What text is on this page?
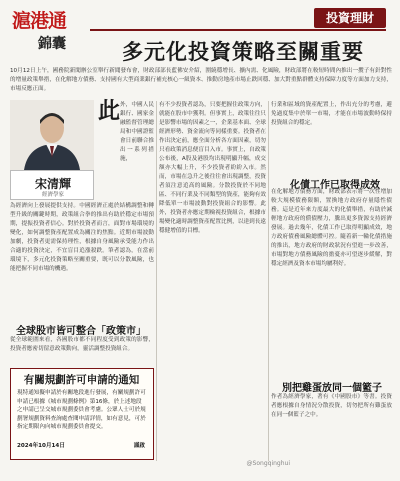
滬港通
錦囊
投資理財
多元化投資策略至關重要
10月12日上午，國務院新聞辦公室舉行新聞發布會，財政部部長藍佛安介紹，圍繞穩增長、擴內需、化風險，財政部將在較短時間內推出一攬子有針對性的增量政策舉措，在化解地方債務、支持國有大型商業銀行補充核心一級資本、推動房地產市場止跌回穩、加大對重點群體支持保障力度等方面加力支持，市場反應正面。
宋清輝
經濟學家
此 外，中國人民銀行、國家金融監督管理總局和中國證監會日前聯合推出一系列措施，
為經濟向上發展提供支持。中國經濟正處於結構調整和轉型升級的關鍵時期，政策組合拳的推出有助於穩定市場預期，提振投資者信心。對於投資者而言，面對市場環境的變化，如何調整資產配置成為關注的焦點。近期市場波動加劇，投資者更需保持理性，根據自身風險承受能力作出合適的投資決定，不宜盲目追漲殺跌。筆者認為，在當前環境下，多元化投資策略至關重要，既可以分散風險，也能把握不同市場的機遇。
全球股市皆可整合「政策市」
從全球範圍來看，各國股市都不同程度受到政策的影響，投資者應密切留意政策動向，靈活調整投資組合。
有不少投資者認為，只要把握住政策方向，就能在股市中獲利。但事實上，政策往往只是影響市場的因素之一，企業基本面、全球經濟形勢、資金流向等同樣重要。投資者在作出決定前，應全面分析各方面因素，切勿只看政策消息便盲目入市。事實上，自政策公布後，A股及港股均出現明顯升幅，成交額亦大幅上升，不少投資者紛紛入市。然而，市場在急升之後往往會出現調整，投資者須注意追高的風險。分散投資於不同地區、不同行業及不同類型的資產，能夠有效降低單一市場波動對投資組合的影響。此外，投資者亦應定期檢視投資組合，根據市場變化適時調整資產配置比例，以達到長遠穩健增值的目標。
行業和區域的資產配置上，作出充分的考慮，避免過度集中於單一市場，才能在市場波動時保持投資組合的穩定。
化債工作已取得成效
在化解地方債務方面，財政部表示將一次性增加較大規模債務限額，置換地方政府存量隱性債務。這是近年來力度最大的化債舉措，有助於減輕地方政府的償債壓力，騰出更多資源支持經濟發展。過去幾年，化債工作已取得明顯成效，地方政府債務風險總體可控。隨着新一輪化債措施的推出，地方政府的財政狀況有望進一步改善，市場對地方債務風險的擔憂亦可望逐步緩解，對穩定經濟及資本市場均屬利好。
別把雞蛋放同一個籃子
作者為經濟學家，著有《中國股市》等書。投資者應根據自身情況分散投資，切勿把所有雞蛋放在同一個籃子之中。
有關規劃許可申請的通知
現特通知擬申請於有關地段進行發展，有關規劃許可申請已根據《城市規劃條例》第16條，於上述地段之申請已呈交城市規劃委員會考慮。公眾人士可於規劃署規劃資料查詢處查閱申請詳情，如有意見，可於指定期限內向城市規劃委員會提交。
2024年10月14日	謹啟
@Songqinghui
